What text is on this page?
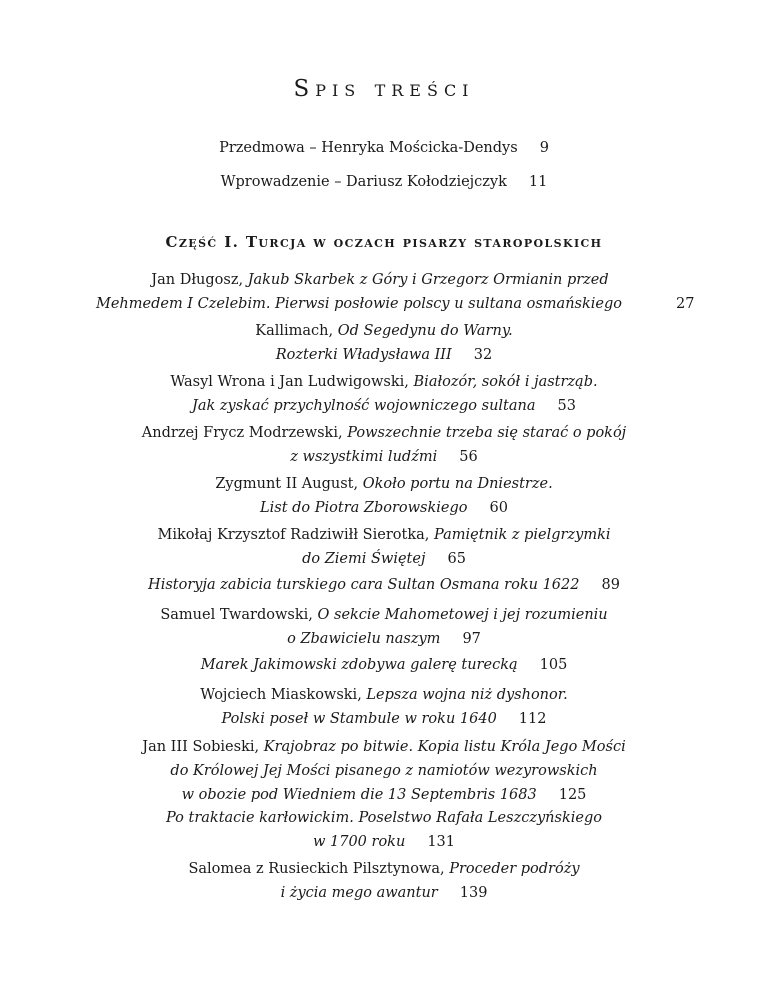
Spis treści
Przedmowa – Henryka Mościcka-Dendys 9
Wprowadzenie – Dariusz Kołodziejczyk 11
Część I. Turcja w oczach pisarzy staropolskich
Jan Długosz, Jakub Skarbek z Góry i Grzegorz Ormianin przed
Mehmedem I Czelebim. Pierwsi posłowie polscy u sultana osmańskiego	27
Kallimach, Od Segedynu do Warny.
Rozterki Władysława III 32
Wasyl Wrona i Jan Ludwigowski, Białozór, sokół i jastrząb.
Jak zyskać przychylność wojowniczego sultana 53
Andrzej Frycz Modrzewski, Powszechnie trzeba się starać o pokój
z wszystkimi ludźmi 56
Zygmunt II August, Około portu na Dniestrze.
List do Piotra Zborowskiego 60
Mikołaj Krzysztof Radziwiłł Sierotka, Pamiętnik z pielgrzymki
do Ziemi Świętej 65
Historyja zabicia turskiego cara Sultan Osmana roku 1622 89
Samuel Twardowski, O sekcie Mahometowej i jej rozumieniu
o Zbawicielu naszym 97
Marek Jakimowski zdobywa galerę turecką 105
Wojciech Miaskowski, Lepsza wojna niż dyshonor.
Polski poseł w Stambule w roku 1640 112
Jan III Sobieski, Krajobraz po bitwie. Kopia listu Króla Jego Mości
do Królowej Jej Mości pisanego z namiotów wezyrowskich
w obozie pod Wiedniem die 13 Septembris 1683 125
Po traktacie karłowickim. Poselstwo Rafała Leszczyńskiego
w 1700 roku 131
Salomea z Rusieckich Pilsztynowa, Proceder podróży
i życia mego awantur 139
